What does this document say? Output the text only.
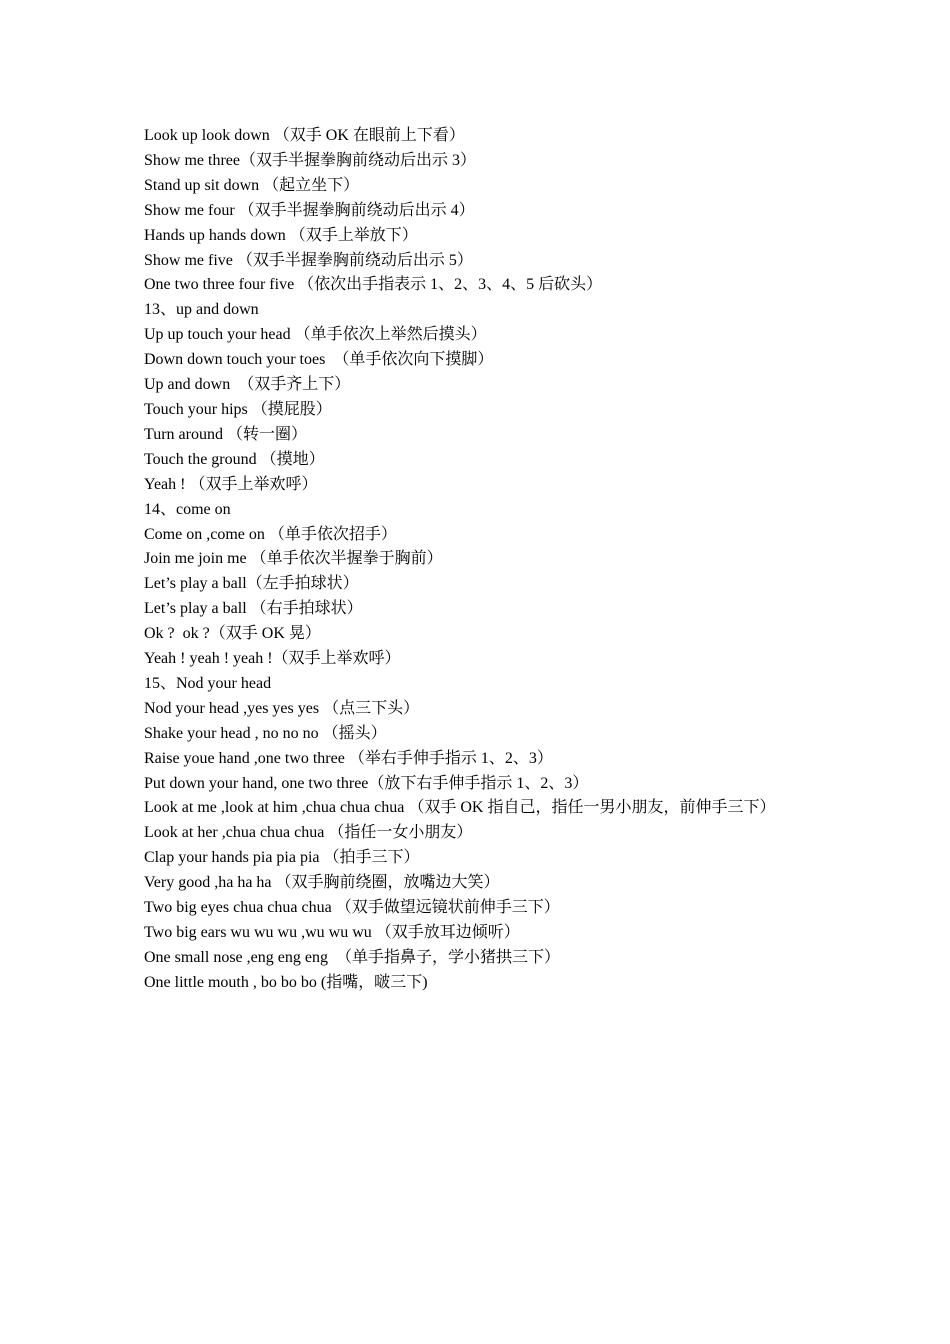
Look up look down （双手 OK 在眼前上下看）

Show me three（双手半握拳胸前绕动后出示 3）

Stand up sit down （起立坐下）

Show me four （双手半握拳胸前绕动后出示 4）

Hands up hands down （双手上举放下）

Show me five （双手半握拳胸前绕动后出示 5）

One two three four five （依次出手指表示 1、2、3、4、5 后砍头）

13、up and down

Up up touch your head （单手依次上举然后摸头）

Down down touch your toes  （单手依次向下摸脚）

Up and down  （双手齐上下）

Touch your hips （摸屁股）

Turn around （转一圈）

Touch the ground （摸地）

Yeah ! （双手上举欢呼）

14、come on

Come on ,come on （单手依次招手）

Join me join me （单手依次半握拳于胸前）

Let’s play a ball（左手拍球状）

Let’s play a ball （右手拍球状）

Ok ?  ok ?（双手 OK 晃）

Yeah ! yeah ! yeah !（双手上举欢呼）

15、Nod your head

Nod your head ,yes yes yes （点三下头）

Shake your head , no no no （摇头）

Raise youe hand ,one two three （举右手伸手指示 1、2、3）

Put down your hand, one two three（放下右手伸手指示 1、2、3）

Look at me ,look at him ,chua chua chua （双手 OK 指自己，指任一男小朋友，前伸手三下）

Look at her ,chua chua chua （指任一女小朋友）

Clap your hands pia pia pia （拍手三下）

Very good ,ha ha ha （双手胸前绕圈，放嘴边大笑）

Two big eyes chua chua chua （双手做望远镜状前伸手三下）

Two big ears wu wu wu ,wu wu wu （双手放耳边倾听）

One small nose ,eng eng eng  （单手指鼻子，学小猪拱三下）

One little mouth , bo bo bo (指嘴，啵三下)
